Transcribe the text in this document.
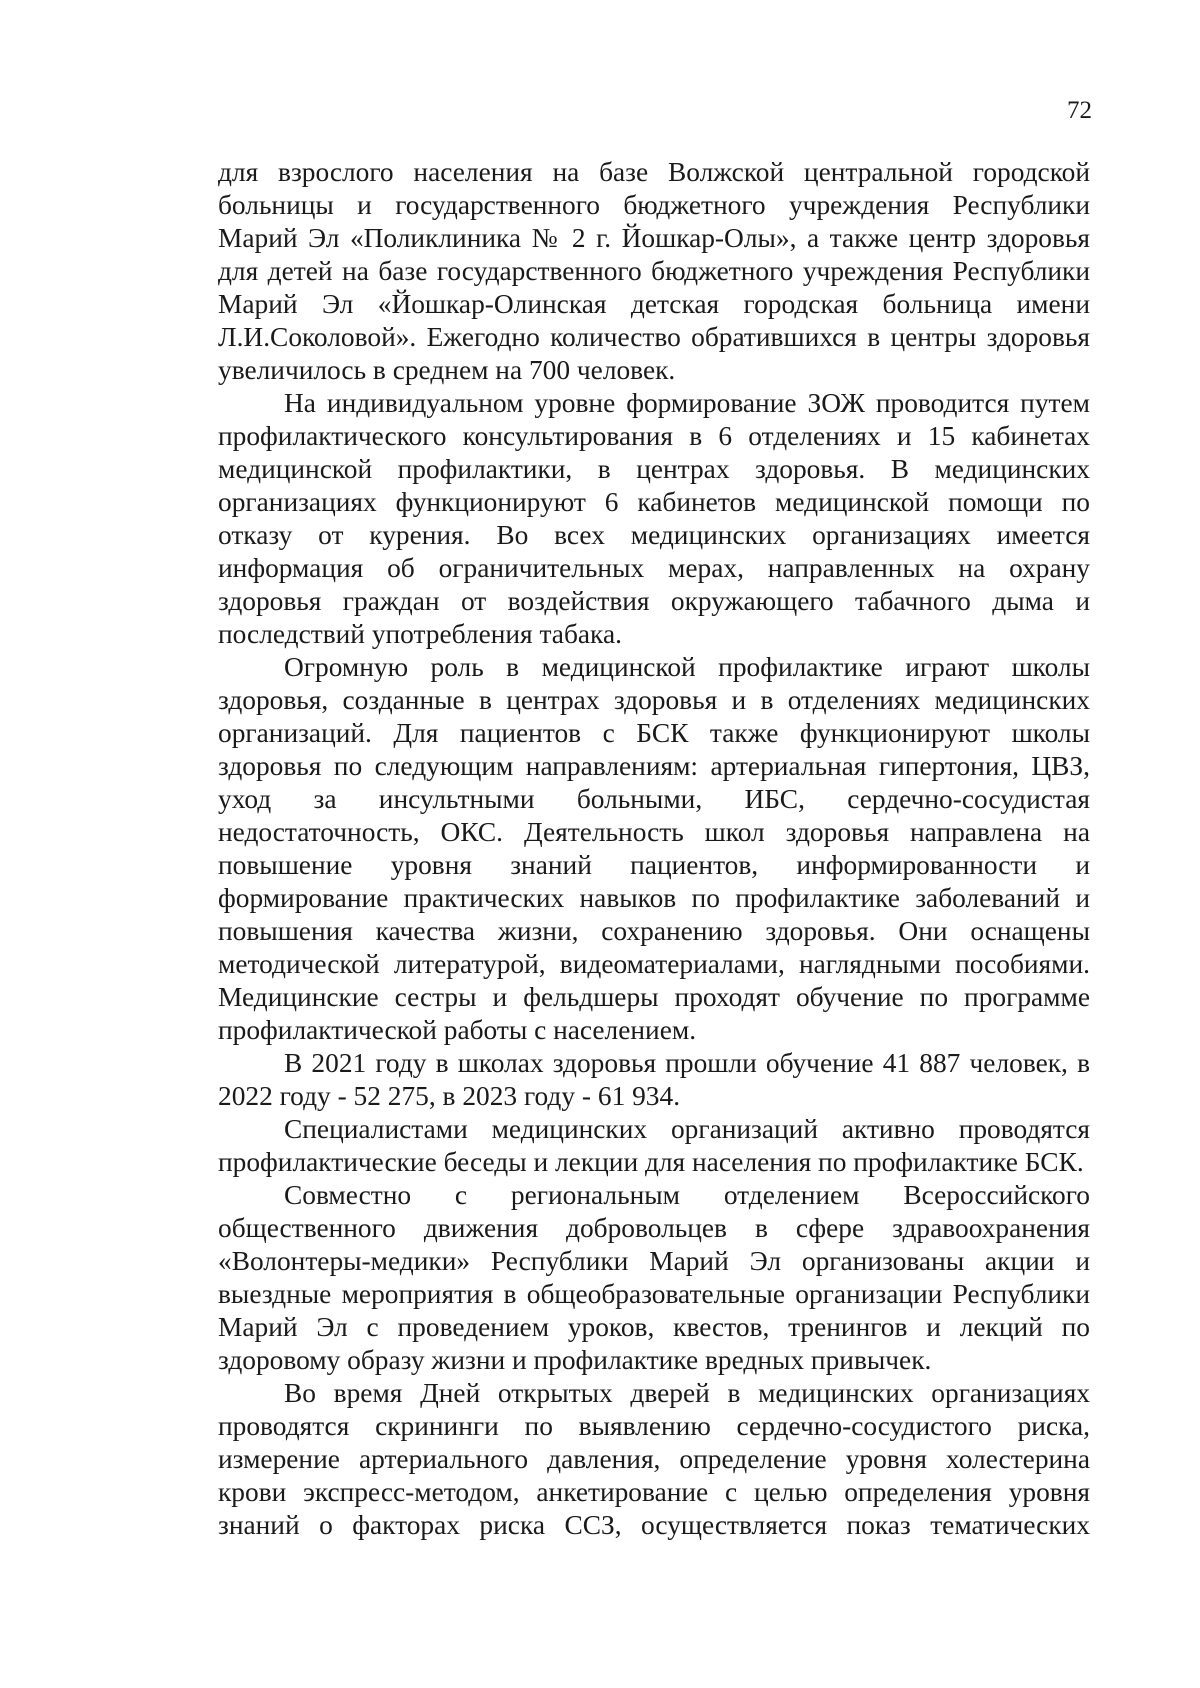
72

для взрослого населения на базе Волжской центральной городской больницы и государственного бюджетного учреждения Республики Марий Эл «Поликлиника № 2 г. Йошкар-Олы», а также центр здоровья для детей на базе государственного бюджетного учреждения Республики Марий Эл «Йошкар-Олинская детская городская больница имени Л.И.Соколовой». Ежегодно количество обратившихся в центры здоровья увеличилось в среднем на 700 человек.

На индивидуальном уровне формирование ЗОЖ проводится путем профилактического консультирования в 6 отделениях и 15 кабинетах медицинской профилактики, в центрах здоровья. В медицинских организациях функционируют 6 кабинетов медицинской помощи по отказу от курения. Во всех медицинских организациях имеется информация об ограничительных мерах, направленных на охрану здоровья граждан от воздействия окружающего табачного дыма и последствий употребления табака.

Огромную роль в медицинской профилактике играют школы здоровья, созданные в центрах здоровья и в отделениях медицинских организаций. Для пациентов с БСК также функционируют школы здоровья по следующим направлениям: артериальная гипертония, ЦВЗ, уход за инсультными больными, ИБС, сердечно-сосудистая недостаточность, ОКС. Деятельность школ здоровья направлена на повышение уровня знаний пациентов, информированности и формирование практических навыков по профилактике заболеваний и повышения качества жизни, сохранению здоровья. Они оснащены методической литературой, видеоматериалами, наглядными пособиями. Медицинские сестры и фельдшеры проходят обучение по программе профилактической работы с населением.

В 2021 году в школах здоровья прошли обучение 41 887 человек, в 2022 году - 52 275, в 2023 году - 61 934.

Специалистами медицинских организаций активно проводятся профилактические беседы и лекции для населения по профилактике БСК.

Совместно с региональным отделением Всероссийского общественного движения добровольцев в сфере здравоохранения «Волонтеры-медики» Республики Марий Эл организованы акции и выездные мероприятия в общеобразовательные организации Республики Марий Эл с проведением уроков, квестов, тренингов и лекций по здоровому образу жизни и профилактике вредных привычек.

Во время Дней открытых дверей в медицинских организациях проводятся скрининги по выявлению сердечно-сосудистого риска, измерение артериального давления, определение уровня холестерина крови экспресс-методом, анкетирование с целью определения уровня знаний о факторах риска ССЗ, осуществляется показ тематических
